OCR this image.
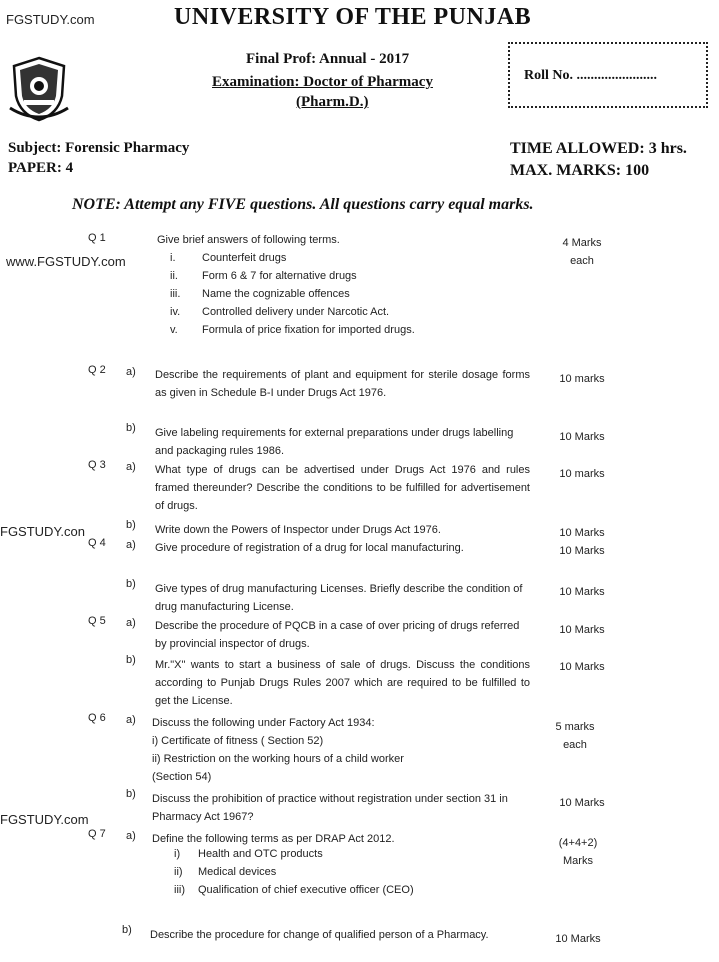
FGSTUDY.com
www.FGSTUDY.com
FGSTUDY.con
FGSTUDY.com
UNIVERSITY OF THE PUNJAB
Final Prof: Annual - 2017
Examination: Doctor of Pharmacy
(Pharm.D.)
Roll No. .......................
Subject: Forensic Pharmacy
PAPER: 4
TIME ALLOWED: 3 hrs.
MAX. MARKS: 100
NOTE: Attempt any FIVE questions. All questions carry equal marks.
Q 1	Give brief answers of following terms.	4 Marks
each
i. Counterfeit drugs
ii. Form 6 & 7 for alternative drugs
iii. Name the cognizable offences
iv. Controlled delivery under Narcotic Act.
v. Formula of price fixation for imported drugs.
Q 2 a) Describe the requirements of plant and equipment for sterile dosage forms as given in Schedule B-I under Drugs Act 1976.
10 marks
b) Give labeling requirements for external preparations under drugs labelling and packaging rules 1986.
10 Marks
Q 3 a) What type of drugs can be advertised under Drugs Act 1976 and rules framed thereunder? Describe the conditions to be fulfilled for advertisement of drugs.
10 marks
b) Write down the Powers of Inspector under Drugs Act 1976.	10 Marks
Q 4 a) Give procedure of registration of a drug for local manufacturing.	10 Marks
b) Give types of drug manufacturing Licenses. Briefly describe the condition of drug manufacturing License.
10 Marks
Q 5 a) Describe the procedure of PQCB in a case of over pricing of drugs referred by provincial inspector of drugs.
10 Marks
b) Mr."X" wants to start a business of sale of drugs. Discuss the conditions according to Punjab Drugs Rules 2007 which are required to be fulfilled to get the License.
10 Marks
Q 6 a) Discuss the following under Factory Act 1934:
i) Certificate of fitness ( Section 52)
ii) Restriction on the working hours of a child worker (Section 54)
5 marks
each
b) Discuss the prohibition of practice without registration under section 31 in Pharmacy Act 1967?
10 Marks
Q 7 a) Define the following terms as per DRAP Act 2012.	(4+4+2)
Marks
i) Health and OTC products
ii) Medical devices
iii) Qualification of chief executive officer (CEO)
b) Describe the procedure for change of qualified person of a Pharmacy.	10 Marks
